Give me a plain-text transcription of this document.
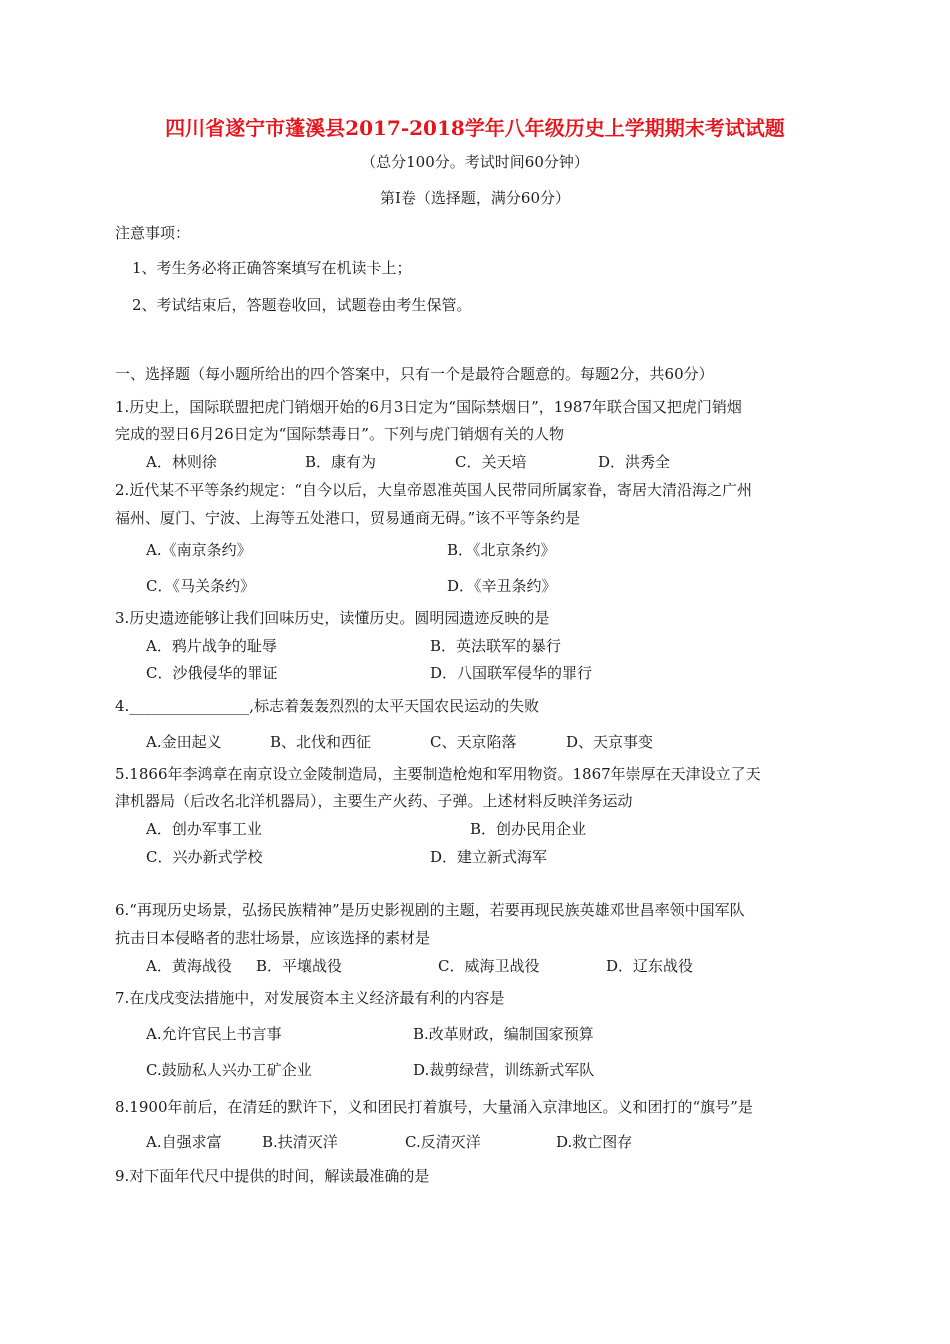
四川省遂宁市蓬溪县2017-2018学年八年级历史上学期期末考试试题
（总分100分。考试时间60分钟）
第Ⅰ卷（选择题，满分60分）
注意事项：
1、考生务必将正确答案填写在机读卡上；
2、考试结束后，答题卷收回，试题卷由考生保管。
一、选择题（每小题所给出的四个答案中，只有一个是最符合题意的。每题2分，共60分）
1.历史上，国际联盟把虎门销烟开始的6月3日定为“国际禁烟日”，1987年联合国又把虎门销烟
完成的翌日6月26日定为“国际禁毒日”。下列与虎门销烟有关的人物
A．林则徐	B．康有为	C．关天培	D．洪秀全
2.近代某不平等条约规定：“自今以后，大皇帝恩准英国人民带同所属家眷，寄居大清沿海之广州
福州、厦门、宁波、上海等五处港口，贸易通商无碍。”该不平等条约是
A.《南京条约》	B．《北京条约》
C．《马关条约》	D．《辛丑条约》
3.历史遗迹能够让我们回味历史，读懂历史。圆明园遗迹反映的是
A．鸦片战争的耻辱	B．英法联军的暴行
C．沙俄侵华的罪证	D．八国联军侵华的罪行
4.________________,标志着轰轰烈烈的太平天国农民运动的失败
A.金田起义	B、北伐和西征	C、天京陷落	D、天京事变
5.1866年李鸿章在南京设立金陵制造局，主要制造枪炮和军用物资。1867年崇厚在天津设立了天
津机器局（后改名北洋机器局），主要生产火药、子弹。上述材料反映洋务运动
A．创办军事工业	B．创办民用企业
C．兴办新式学校	D．建立新式海军
6.“再现历史场景，弘扬民族精神”是历史影视剧的主题，若要再现民族英雄邓世昌率领中国军队
抗击日本侵略者的悲壮场景，应该选择的素材是
A．黄海战役 B．平壤战役	C．威海卫战役	D．辽东战役
7.在戊戌变法措施中，对发展资本主义经济最有利的内容是
A.允许官民上书言事	B.改革财政，编制国家预算
C.鼓励私人兴办工矿企业	D.裁剪绿营，训练新式军队
8.1900年前后，在清廷的默许下，义和团民打着旗号，大量涌入京津地区。义和团打的“旗号”是
A.自强求富	B.扶清灭洋	C.反清灭洋	D.救亡图存
9.对下面年代尺中提供的时间，解读最准确的是
